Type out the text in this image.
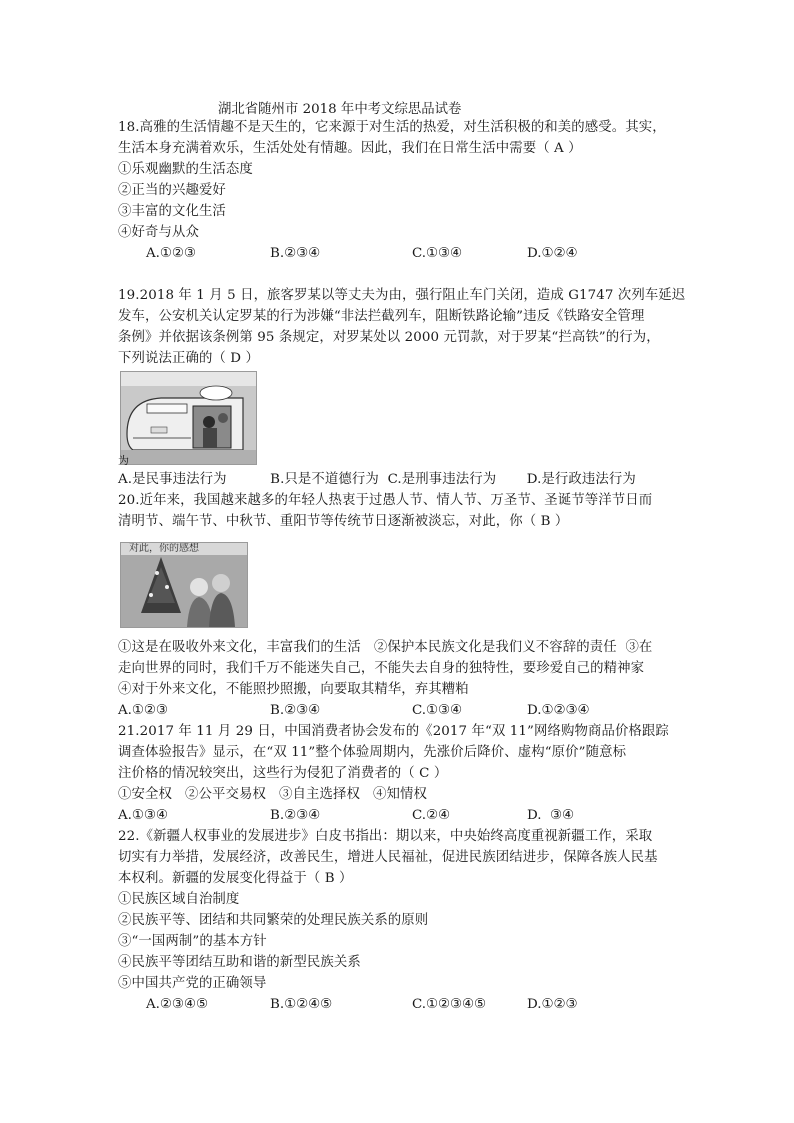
湖北省随州市 2018 年中考文综思品试卷
18.高雅的生活情趣不是天生的，它来源于对生活的热爱，对生活积极的和美的感受。其实，
生活本身充满着欢乐，生活处处有情趣。因此，我们在日常生活中需要（ A ）
①乐观幽默的生活态度
②正当的兴趣爱好
③丰富的文化生活
④好奇与从众
A.①②③	B.②③④	C.①③④	D.①②④
19.2018 年 1 月 5 日，旅客罗某以等丈夫为由，强行阻止车门关闭，造成 G1747 次列车延迟
发车，公安机关认定罗某的行为涉嫌“非法拦截列车，阻断铁路论输”违反《铁路安全管理
条例》并依据该条例第 95 条规定，对罗某处以 2000 元罚款，对于罗某“拦高铁”的行为，
下列说法正确的（ D ）
为
A.是民事违法行为          B.只是不道德行为  C.是刑事违法行为       D.是行政违法行为
20.近年来，我国越来越多的年轻人热衷于过愚人节、情人节、万圣节、圣诞节等洋节日而
清明节、端午节、中秋节、重阳节等传统节日逐渐被淡忘，对此，你（ B ）
对此，你的感想
①这是在吸收外来文化，丰富我们的生活   ②保护本民族文化是我们义不容辞的责任  ③在
走向世界的同时，我们千万不能迷失自己，不能失去自身的独特性，要珍爱自己的精神家
④对于外来文化，不能照抄照搬，向要取其精华，弃其糟粕
A.①②③	B.②③④	C.①③④	D.①②③④
21.2017 年 11 月 29 日，中国消费者协会发布的《2017 年“双 11”网络购物商品价格跟踪
调查体验报告》显示，在“双 11”整个体验周期内，先涨价后降价、虚构“原价”随意标
注价格的情况较突出，这些行为侵犯了消费者的（ C ）
①安全权   ②公平交易权   ③自主选择权   ④知情权
A.①③④	B.②③④	C.②④	D.  ③④
22.《新疆人权事业的发展进步》白皮书指出：期以来，中央始终高度重视新疆工作，采取
切实有力举措，发展经济，改善民生，增进人民福祉，促进民族团结进步，保障各族人民基
本权利。新疆的发展变化得益于（ B ）
①民族区域自治制度
②民族平等、团结和共同繁荣的处理民族关系的原则
③“一国两制”的基本方针
④民族平等团结互助和谐的新型民族关系
⑤中国共产党的正确领导
A.②③④⑤	B.①②④⑤	C.①②③④⑤	D.①②③
